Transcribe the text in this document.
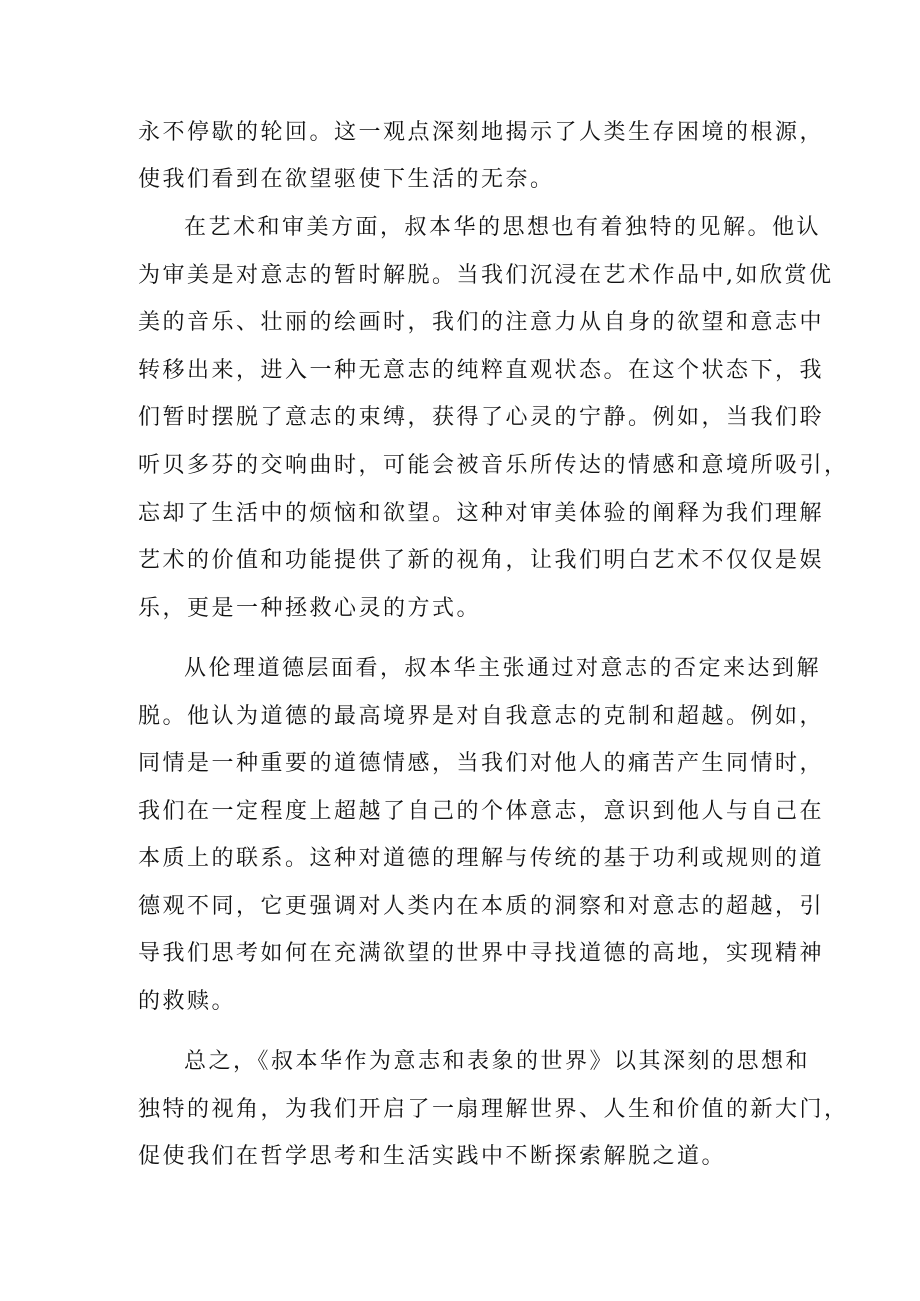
永不停歇的轮回。这一观点深刻地揭示了人类生存困境的根源，
使我们看到在欲望驱使下生活的无奈。
在艺术和审美方面，叔本华的思想也有着独特的见解。他认
为审美是对意志的暂时解脱。当我们沉浸在艺术作品中,如欣赏优
美的音乐、壮丽的绘画时，我们的注意力从自身的欲望和意志中
转移出来，进入一种无意志的纯粹直观状态。在这个状态下，我
们暂时摆脱了意志的束缚，获得了心灵的宁静。例如，当我们聆
听贝多芬的交响曲时，可能会被音乐所传达的情感和意境所吸引，
忘却了生活中的烦恼和欲望。这种对审美体验的阐释为我们理解
艺术的价值和功能提供了新的视角，让我们明白艺术不仅仅是娱
乐，更是一种拯救心灵的方式。
从伦理道德层面看，叔本华主张通过对意志的否定来达到解
脱。他认为道德的最高境界是对自我意志的克制和超越。例如，
同情是一种重要的道德情感，当我们对他人的痛苦产生同情时，
我们在一定程度上超越了自己的个体意志，意识到他人与自己在
本质上的联系。这种对道德的理解与传统的基于功利或规则的道
德观不同，它更强调对人类内在本质的洞察和对意志的超越，引
导我们思考如何在充满欲望的世界中寻找道德的高地，实现精神
的救赎。
总之，《叔本华作为意志和表象的世界》以其深刻的思想和
独特的视角，为我们开启了一扇理解世界、人生和价值的新大门，
促使我们在哲学思考和生活实践中不断探索解脱之道。
